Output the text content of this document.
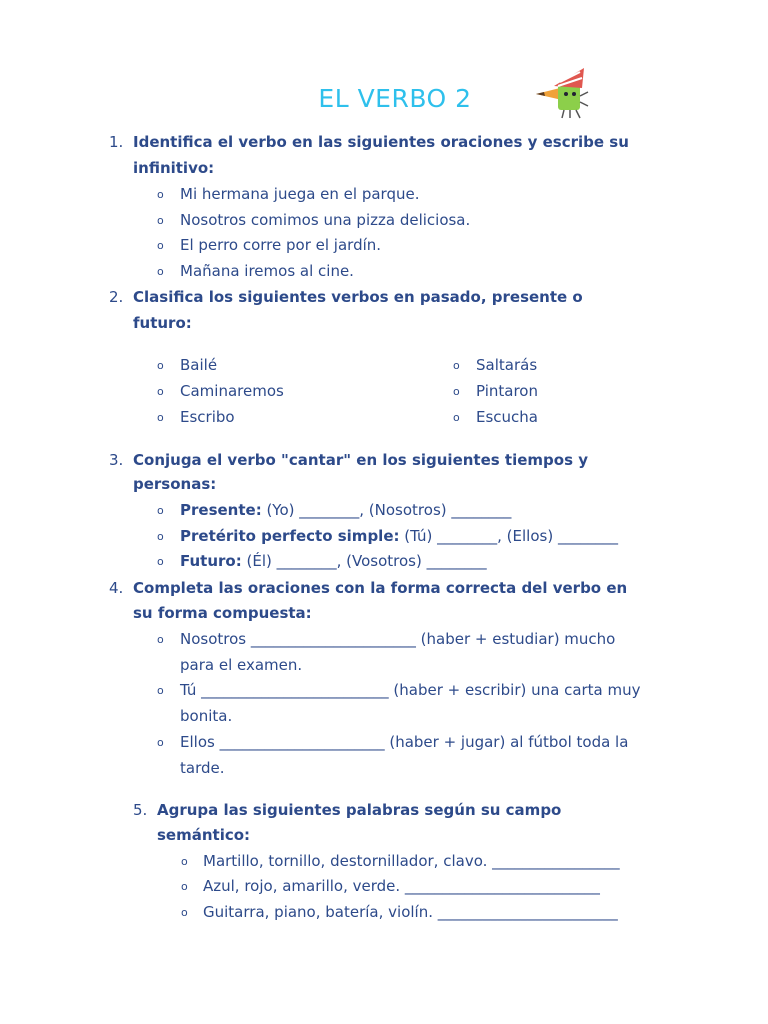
EL VERBO 2
1. Identifica el verbo en las siguientes oraciones y escribe su
infinitivo:
o Mi hermana juega en el parque.
o Nosotros comimos una pizza deliciosa.
o El perro corre por el jardín.
o Mañana iremos al cine.
2. Clasifica los siguientes verbos en pasado, presente o
futuro:
o Bailé
o Caminaremos
o Escribo
o Saltarás
o Pintaron
o Escucha
3. Conjuga el verbo "cantar" en los siguientes tiempos y
personas:
o Presente: (Yo) ________, (Nosotros) ________
o Pretérito perfecto simple: (Tú) ________, (Ellos) ________
o Futuro: (Él) ________, (Vosotros) ________
4. Completa las oraciones con la forma correcta del verbo en
su forma compuesta:
o Nosotros ______________________ (haber + estudiar) mucho
para el examen.
o Tú _________________________ (haber + escribir) una carta muy
bonita.
o Ellos ______________________ (haber + jugar) al fútbol toda la
tarde.
5. Agrupa las siguientes palabras según su campo
semántico:
o Martillo, tornillo, destornillador, clavo. _________________
o Azul, rojo, amarillo, verde. __________________________
o Guitarra, piano, batería, violín. ________________________
